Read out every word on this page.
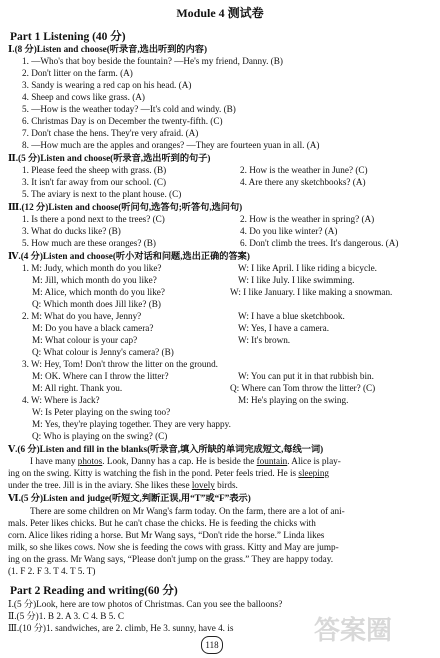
Module 4 测试卷
Part 1 Listening (40 分)
Ⅰ.(8 分)Listen and choose(听录音,选出听到的内容)
1. —Who's that boy beside the fountain? —He's my friend, Danny. (B)
2. Don't litter on the farm. (A)
3. Sandy is wearing a red cap on his head. (A)
4. Sheep and cows like grass. (A)
5. —How is the weather today? —It's cold and windy. (B)
6. Christmas Day is on December the twenty-fifth. (C)
7. Don't chase the hens. They're very afraid. (A)
8. —How much are the apples and oranges? —They are fourteen yuan in all. (A)
Ⅱ.(5 分)Listen and choose(听录音,选出听到的句子)
1. Please feed the sheep with grass. (B)	2. How is the weather in June? (C)
3. It isn't far away from our school. (C)	4. Are there any sketchbooks? (A)
5. The aviary is next to the plant house. (C)
Ⅲ.(12 分)Listen and choose(听问句,选答句;听答句,选问句)
1. Is there a pond next to the trees? (C)	2. How is the weather in spring? (A)
3. What do ducks like? (B)	4. Do you like winter? (A)
5. How much are these oranges? (B)	6. Don't climb the trees. It's dangerous. (A)
Ⅳ.(4 分)Listen and choose(听小对话和问题,选出正确的答案)
1. M: Judy, which month do you like?	W: I like April. I like riding a bicycle.
M: Jill, which month do you like?	W: I like July. I like swimming.
M: Alice, which month do you like?	W: I like January. I like making a snowman.
Q: Which month does Jill like? (B)
2. M: What do you have, Jenny?	W: I have a blue sketchbook.
M: Do you have a black camera?	W: Yes, I have a camera.
M: What colour is your cap?	W: It's brown.
Q: What colour is Jenny's camera? (B)
3. W: Hey, Tom! Don't throw the litter on the ground.
M: OK. Where can I throw the litter?	W: You can put it in that rubbish bin.
M: All right. Thank you.	Q: Where can Tom throw the litter? (C)
4. W: Where is Jack?	M: He's playing on the swing.
W: Is Peter playing on the swing too?
M: Yes, they're playing together. They are very happy.
Q: Who is playing on the swing? (C)
Ⅴ.(6 分)Listen and fill in the blanks(听录音,填入所缺的单词完成短文,每线一词)
I have many photos. Look, Danny has a cap. He is beside the fountain. Alice is play-
ing on the swing. Kitty is watching the fish in the pond. Peter feels tried. He is sleeping
under the tree. Jill is in the aviary. She likes these lovely birds.
Ⅵ.(5 分)Listen and judge(听短文,判断正误,用“T”或“F”表示)
There are some children on Mr Wang's farm today. On the farm, there are a lot of ani-
mals. Peter likes chicks. But he can't chase the chicks. He is feeding the chicks with
corn. Alice likes riding a horse. But Mr Wang says, “Don't ride the horse.” Linda likes
milk, so she likes cows. Now she is feeding the cows with grass. Kitty and May are jump-
ing on the grass. Mr Wang says, “Please don't jump on the grass.” They are happy today.
(1. F 2. F 3. T 4. T 5. T)
Part 2 Reading and writing(60 分)
Ⅰ.(5 分)Look, here are tow photos of Christmas. Can you see the balloons?
Ⅱ.(5 分)1. B 2. A 3. C 4. B 5. C
Ⅲ.(10 分)1. sandwiches, are 2. climb, He 3. sunny, have 4. is
118	答案圈
